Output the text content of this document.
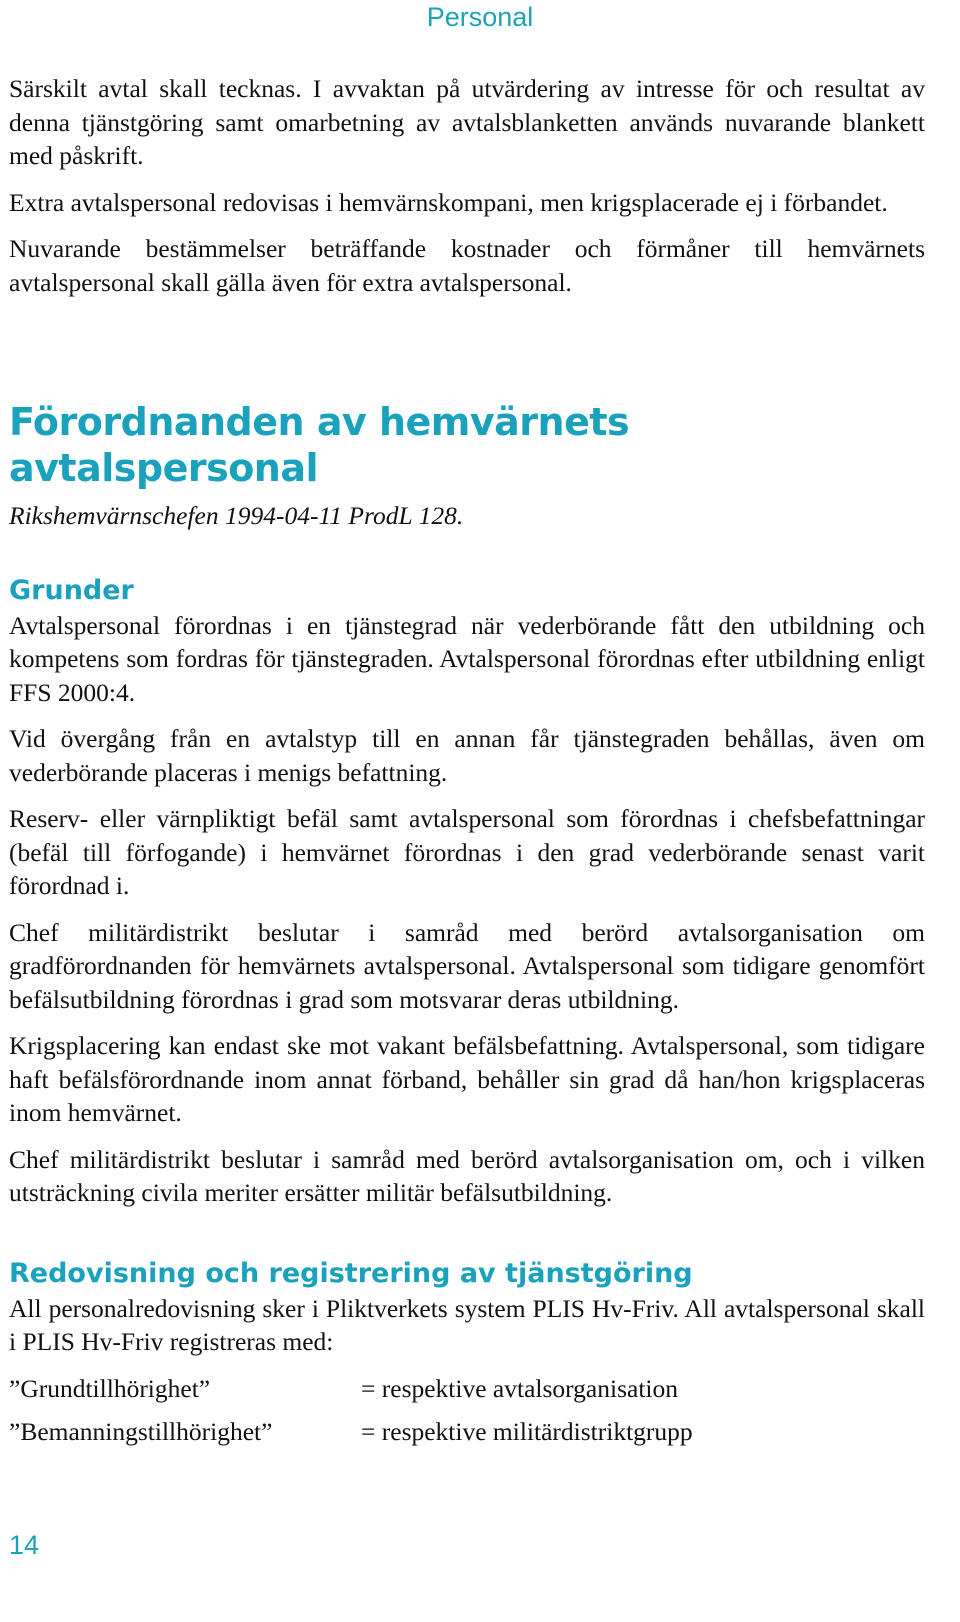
Personal

Särskilt avtal skall tecknas. I avvaktan på utvärdering av intresse för och resultat av denna tjänstgöring samt omarbetning av avtalsblanketten används nuvarande blankett med påskrift.

Extra avtalspersonal redovisas i hemvärnskompani, men krigsplacerade ej i förbandet.

Nuvarande bestämmelser beträffande kostnader och förmåner till hemvärnets avtalspersonal skall gälla även för extra avtalspersonal.

Förordnanden av hemvärnets avtalspersonal

Rikshemvärnschefen 1994-04-11 ProdL 128.

Grunder

Avtalspersonal förordnas i en tjänstegrad när vederbörande fått den utbildning och kompetens som fordras för tjänstegraden. Avtalspersonal förordnas efter utbildning enligt FFS 2000:4.

Vid övergång från en avtalstyp till en annan får tjänstegraden behållas, även om vederbörande placeras i menigs befattning.

Reserv- eller värnpliktigt befäl samt avtalspersonal som förordnas i chefsbefattningar (befäl till förfogande) i hemvärnet förordnas i den grad vederbörande senast varit förordnad i.

Chef militärdistrikt beslutar i samråd med berörd avtalsorganisation om gradförordnanden för hemvärnets avtalspersonal. Avtalspersonal som tidigare genomfört befälsutbildning förordnas i grad som motsvarar deras utbildning.

Krigsplacering kan endast ske mot vakant befälsbefattning. Avtalspersonal, som tidigare haft befälsförordnande inom annat förband, behåller sin grad då han/hon krigsplaceras inom hemvärnet.

Chef militärdistrikt beslutar i samråd med berörd avtalsorganisation om, och i vilken utsträckning civila meriter ersätter militär befälsutbildning.

Redovisning och registrering av tjänstgöring

All personalredovisning sker i Pliktverkets system PLIS Hv-Friv. All avtalspersonal skall i PLIS Hv-Friv registreras med:

”Grundtillhörighet”	= respektive avtalsorganisation
”Bemanningstillhörighet”	= respektive militärdistriktgrupp
14
